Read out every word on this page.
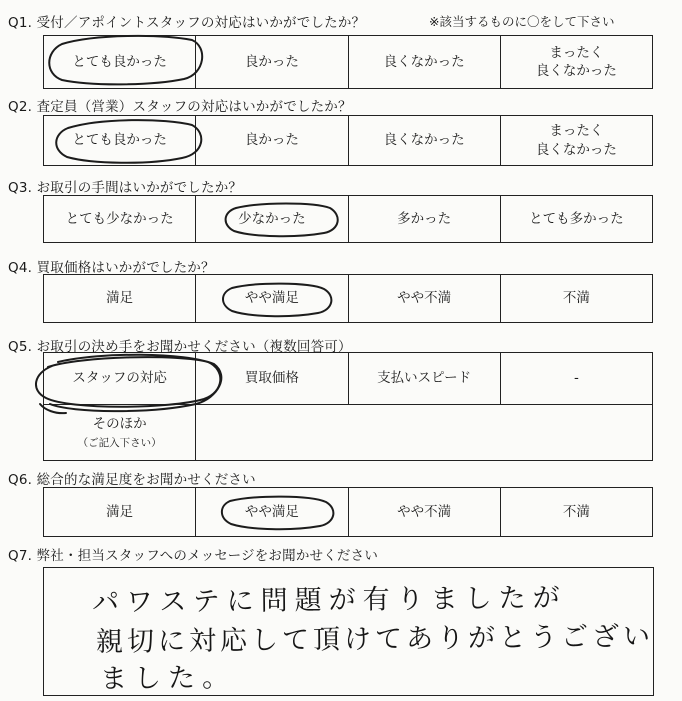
Q1. 受付／アポイントスタッフの対応はいかがでしたか？	※該当するものに〇をして下さい
とても良かった	良かった	良くなかった	まったく
良くなかった
Q2. 査定員（営業）スタッフの対応はいかがでしたか？
とても良かった	良かった	良くなかった	まったく
良くなかった
Q3. お取引の手間はいかがでしたか？
とても少なかった	少なかった	多かった	とても多かった
Q4. 買取価格はいかがでしたか？
満足	やや満足	やや不満	不満
Q5. お取引の決め手をお聞かせください（複数回答可）
スタッフの対応	買取価格	支払いスピード	-
そのほか
（ご記入下さい）			

Q6. 総合的な満足度をお聞かせください
満足	やや満足	やや不満	不満
Q7. 弊社・担当スタッフへのメッセージをお聞かせください
パワステに問題が有りましたが
親切に対応して頂けてありがとうござい
ました。
